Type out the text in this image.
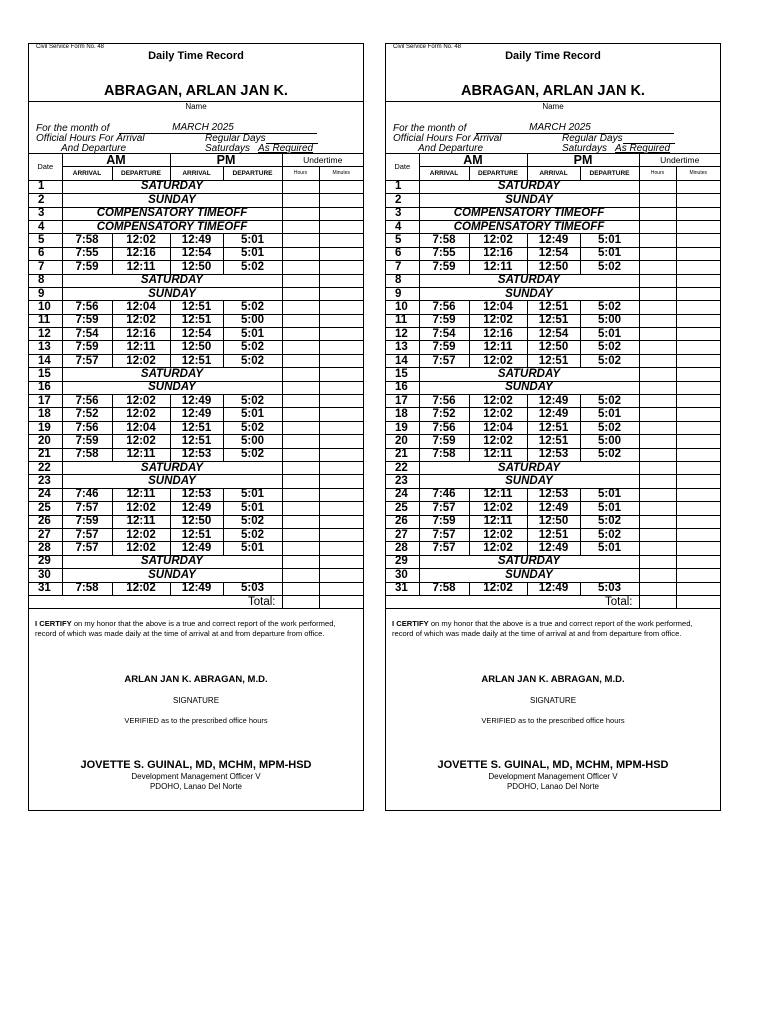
Civil Service Form No. 48
Daily Time Record
ABRAGAN, ARLAN JAN K.
Name
For the month of	MARCH 2025
Official Hours For Arrival	Regular Days
And Departure	Saturdays As Required
Date	AM		PM		Undertime	
	ARRIVAL	DEPARTURE	ARRIVAL	DEPARTURE	Hours	Minutes
1	SATURDAY					
2	SUNDAY					
3	COMPENSATORY TIMEOFF					
4	COMPENSATORY TIMEOFF					
5	7:58	12:02	12:49	5:01		
6	7:55	12:16	12:54	5:01		
7	7:59	12:11	12:50	5:02		
8	SATURDAY					
9	SUNDAY					
10	7:56	12:04	12:51	5:02		
11	7:59	12:02	12:51	5:00		
12	7:54	12:16	12:54	5:01		
13	7:59	12:11	12:50	5:02		
14	7:57	12:02	12:51	5:02		
15	SATURDAY					
16	SUNDAY					
17	7:56	12:02	12:49	5:02		
18	7:52	12:02	12:49	5:01		
19	7:56	12:04	12:51	5:02		
20	7:59	12:02	12:51	5:00		
21	7:58	12:11	12:53	5:02		
22	SATURDAY					
23	SUNDAY					
24	7:46	12:11	12:53	5:01		
25	7:57	12:02	12:49	5:01		
26	7:59	12:11	12:50	5:02		
27	7:57	12:02	12:51	5:02		
28	7:57	12:02	12:49	5:01		
29	SATURDAY					
30	SUNDAY					
31	7:58	12:02	12:49	5:03		
Total:						
I CERTIFY on my honor that the above is a true and correct report of the work performed, record of which was made daily at the time of arrival at and from departure from office.
ARLAN JAN K. ABRAGAN, M.D.
SIGNATURE
VERIFIED as to the prescribed office hours
JOVETTE S. GUINAL, MD, MCHM, MPM-HSD
Development Management Officer V
PDOHO, Lanao Del Norte
Civil Service Form No. 48
Daily Time Record
ABRAGAN, ARLAN JAN K.
Name
For the month of	MARCH 2025
Official Hours For Arrival	Regular Days
And Departure	Saturdays As Required
Date	AM		PM		Undertime	
	ARRIVAL	DEPARTURE	ARRIVAL	DEPARTURE	Hours	Minutes
1	SATURDAY					
2	SUNDAY					
3	COMPENSATORY TIMEOFF					
4	COMPENSATORY TIMEOFF					
5	7:58	12:02	12:49	5:01		
6	7:55	12:16	12:54	5:01		
7	7:59	12:11	12:50	5:02		
8	SATURDAY					
9	SUNDAY					
10	7:56	12:04	12:51	5:02		
11	7:59	12:02	12:51	5:00		
12	7:54	12:16	12:54	5:01		
13	7:59	12:11	12:50	5:02		
14	7:57	12:02	12:51	5:02		
15	SATURDAY					
16	SUNDAY					
17	7:56	12:02	12:49	5:02		
18	7:52	12:02	12:49	5:01		
19	7:56	12:04	12:51	5:02		
20	7:59	12:02	12:51	5:00		
21	7:58	12:11	12:53	5:02		
22	SATURDAY					
23	SUNDAY					
24	7:46	12:11	12:53	5:01		
25	7:57	12:02	12:49	5:01		
26	7:59	12:11	12:50	5:02		
27	7:57	12:02	12:51	5:02		
28	7:57	12:02	12:49	5:01		
29	SATURDAY					
30	SUNDAY					
31	7:58	12:02	12:49	5:03		
Total:						
I CERTIFY on my honor that the above is a true and correct report of the work performed, record of which was made daily at the time of arrival at and from departure from office.
ARLAN JAN K. ABRAGAN, M.D.
SIGNATURE
VERIFIED as to the prescribed office hours
JOVETTE S. GUINAL, MD, MCHM, MPM-HSD
Development Management Officer V
PDOHO, Lanao Del Norte
